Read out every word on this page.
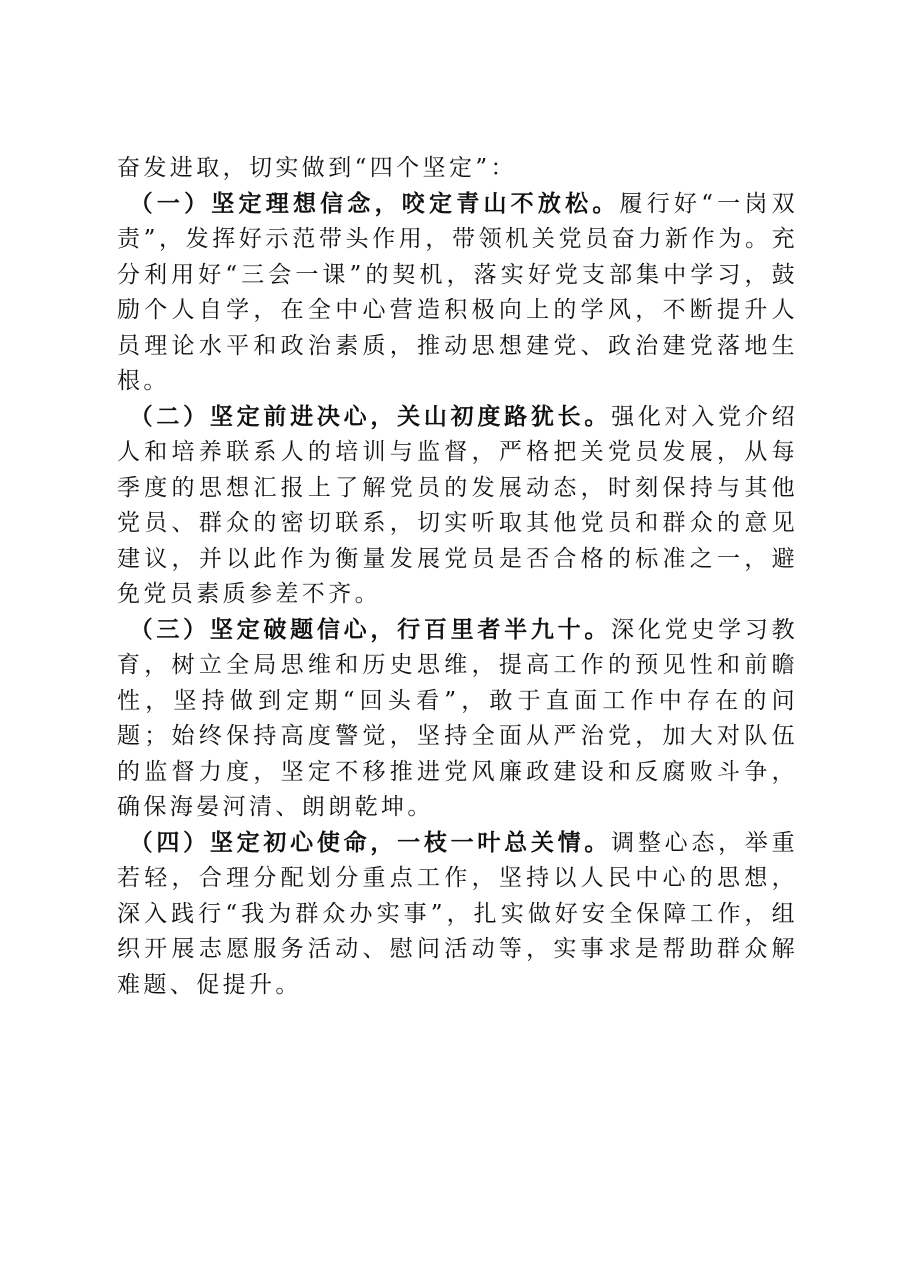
奋发进取，切实做到“四个坚定”：

（一）坚定理想信念，咬定青山不放松。履行好“一岗双责”，发挥好示范带头作用，带领机关党员奋力新作为。充分利用好“三会一课”的契机，落实好党支部集中学习，鼓励个人自学，在全中心营造积极向上的学风，不断提升人员理论水平和政治素质，推动思想建党、政治建党落地生根。

（二）坚定前进决心，关山初度路犹长。强化对入党介绍人和培养联系人的培训与监督，严格把关党员发展，从每季度的思想汇报上了解党员的发展动态，时刻保持与其他党员、群众的密切联系，切实听取其他党员和群众的意见建议，并以此作为衡量发展党员是否合格的标准之一，避免党员素质参差不齐。

（三）坚定破题信心，行百里者半九十。深化党史学习教育，树立全局思维和历史思维，提高工作的预见性和前瞻性，坚持做到定期“回头看”，敢于直面工作中存在的问题；始终保持高度警觉，坚持全面从严治党，加大对队伍的监督力度，坚定不移推进党风廉政建设和反腐败斗争，确保海晏河清、朗朗乾坤。

（四）坚定初心使命，一枝一叶总关情。调整心态，举重若轻，合理分配划分重点工作，坚持以人民中心的思想，深入践行“我为群众办实事”，扎实做好安全保障工作，组织开展志愿服务活动、慰问活动等，实事求是帮助群众解难题、促提升。
